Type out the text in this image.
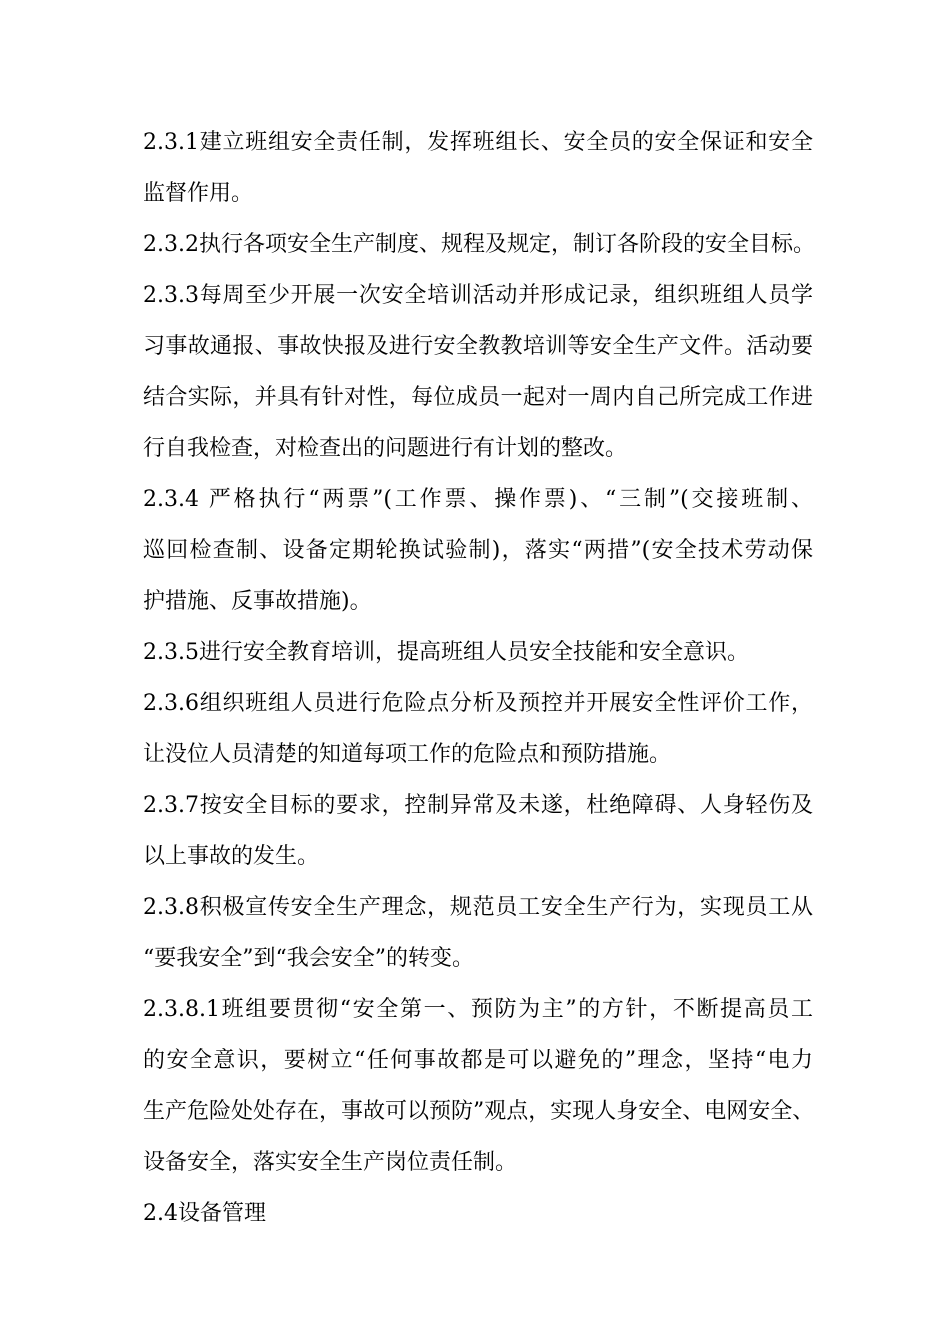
2.3.1建立班组安全责任制，发挥班组长、安全员的安全保证和安全
监督作用。
2.3.2执行各项安全生产制度、规程及规定，制订各阶段的安全目标。
2.3.3每周至少开展一次安全培训活动并形成记录，组织班组人员学
习事故通报、事故快报及进行安全教教培训等安全生产文件。活动要
结合实际，并具有针对性，每位成员一起对一周内自己所完成工作进
行自我检查，对检查出的问题进行有计划的整改。
2.3.4 严格执行“两票”(工作票、操作票)、“三制”(交接班制、
巡回检查制、设备定期轮换试验制)，落实“两措”(安全技术劳动保
护措施、反事故措施)。
2.3.5进行安全教育培训，提高班组人员安全技能和安全意识。
2.3.6组织班组人员进行危险点分析及预控并开展安全性评价工作，
让没位人员清楚的知道每项工作的危险点和预防措施。
2.3.7按安全目标的要求，控制异常及未遂，杜绝障碍、人身轻伤及
以上事故的发生。
2.3.8积极宣传安全生产理念，规范员工安全生产行为，实现员工从
“要我安全”到“我会安全”的转变。
2.3.8.1班组要贯彻“安全第一、预防为主”的方针，不断提高员工
的安全意识，要树立“任何事故都是可以避免的”理念，坚持“电力
生产危险处处存在，事故可以预防”观点，实现人身安全、电网安全、
设备安全，落实安全生产岗位责任制。
2.4设备管理
